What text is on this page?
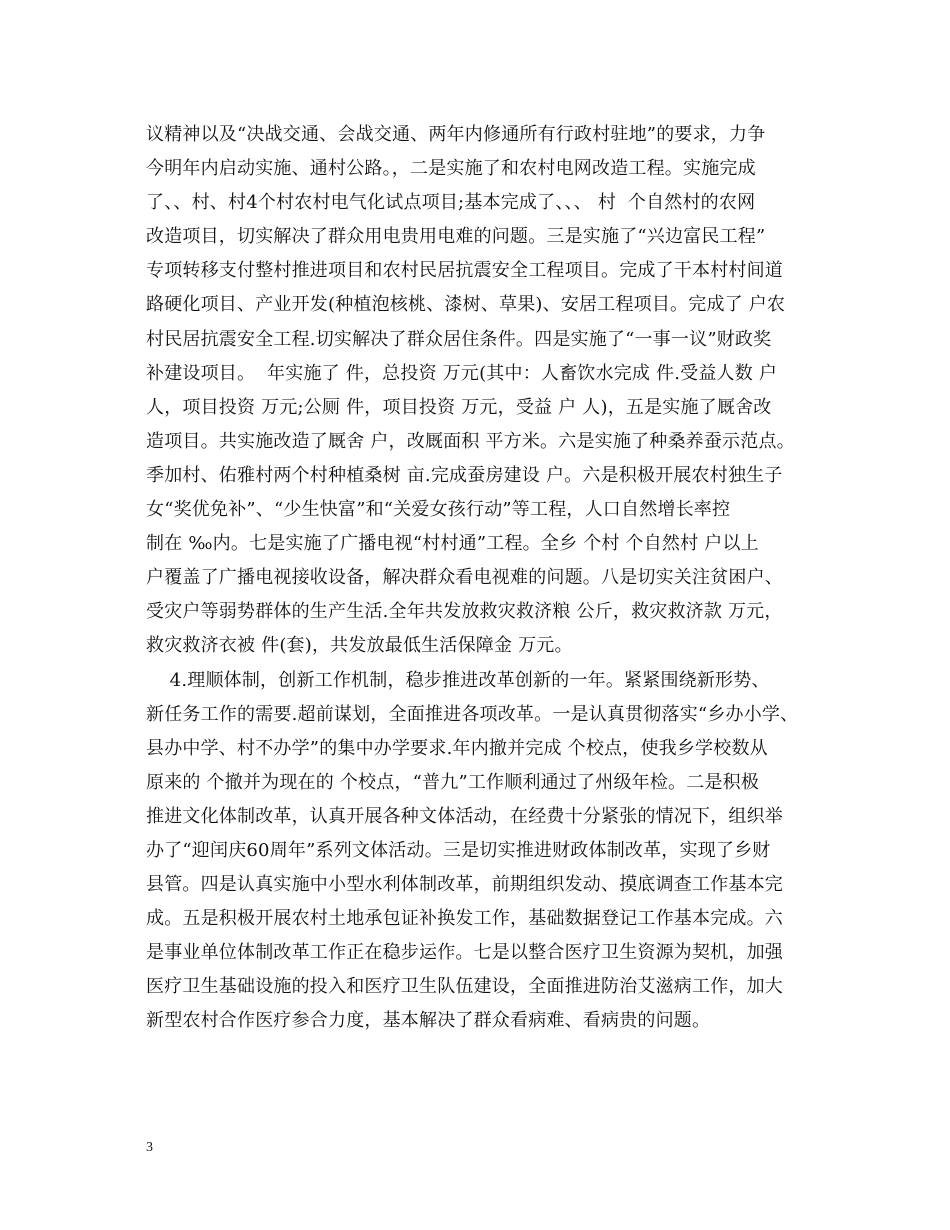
议精神以及“决战交通、会战交通、两年内修通所有行政村驻地”的要求，力争
今明年内启动实施、通村公路。，二是实施了和农村电网改造工程。实施完成
了、、村、村4个村农村电气化试点项目;基本完成了、、、 村  个自然村的农网
改造项目，切实解决了群众用电贵用电难的问题。三是实施了“兴边富民工程”
专项转移支付整村推进项目和农村民居抗震安全工程项目。完成了干本村村间道
路硬化项目、产业开发(种植泡核桃、漆树、草果)、安居工程项目。完成了 户农
村民居抗震安全工程.切实解决了群众居住条件。四是实施了“一事一议”财政奖
补建设项目。  年实施了 件，总投资 万元(其中：人畜饮水完成 件.受益人数 户
人，项目投资 万元;公厕 件，项目投资 万元，受益 户 人)，五是实施了厩舍改
造项目。共实施改造了厩舍 户，改厩面积 平方米。六是实施了种桑养蚕示范点。
季加村、佑雅村两个村种植桑树 亩.完成蚕房建设 户。六是积极开展农村独生子
女“奖优免补”、“少生快富”和“关爱女孩行动”等工程，人口自然增长率控
制在 ‰内。七是实施了广播电视“村村通”工程。全乡 个村 个自然村 户以上
户覆盖了广播电视接收设备，解决群众看电视难的问题。八是切实关注贫困户、
受灾户等弱势群体的生产生活.全年共发放救灾救济粮 公斤，救灾救济款 万元，
救灾救济衣被 件(套)，共发放最低生活保障金 万元。
4.理顺体制，创新工作机制，稳步推进改革创新的一年。紧紧围绕新形势、
新任务工作的需要.超前谋划，全面推进各项改革。一是认真贯彻落实“乡办小学、
县办中学、村不办学”的集中办学要求.年内撤并完成 个校点，使我乡学校数从
原来的 个撤并为现在的 个校点，“普九”工作顺利通过了州级年检。二是积极
推进文化体制改革，认真开展各种文体活动，在经费十分紧张的情况下，组织举
办了“迎闰庆60周年”系列文体活动。三是切实推进财政体制改革，实现了乡财
县管。四是认真实施中小型水利体制改革，前期组织发动、摸底调查工作基本完
成。五是积极开展农村土地承包证补换发工作，基础数据登记工作基本完成。六
是事业单位体制改革工作正在稳步运作。七是以整合医疗卫生资源为契机，加强
医疗卫生基础设施的投入和医疗卫生队伍建设，全面推进防治艾滋病工作，加大
新型农村合作医疗参合力度，基本解决了群众看病难、看病贵的问题。
3
